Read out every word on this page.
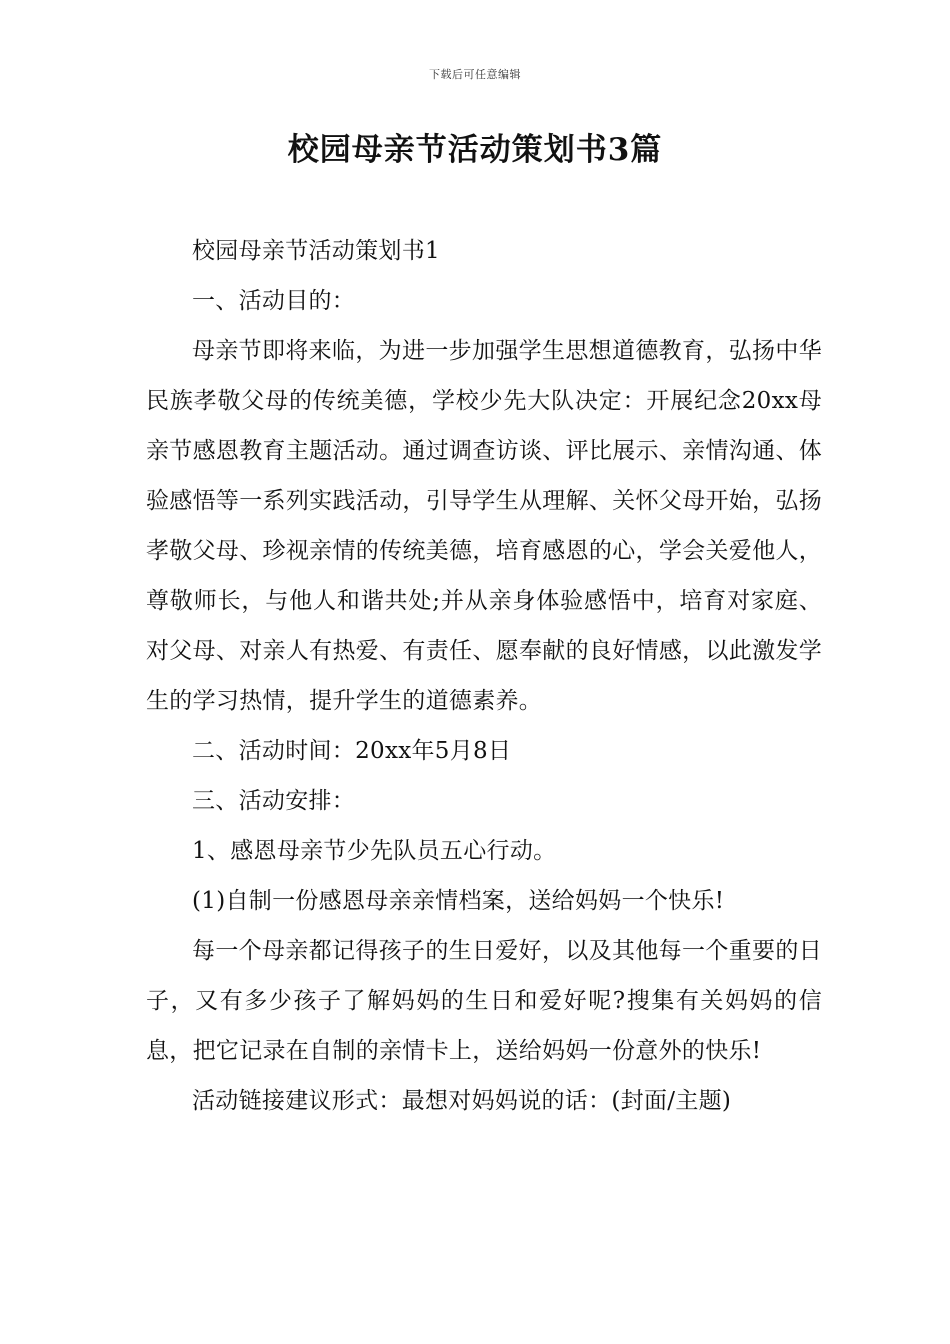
下载后可任意编辑
校园母亲节活动策划书3篇

校园母亲节活动策划书1

一、活动目的：

母亲节即将来临，为进一步加强学生思想道德教育，弘扬中华民族孝敬父母的传统美德，学校少先大队决定：开展纪念20xx母亲节感恩教育主题活动。通过调查访谈、评比展示、亲情沟通、体验感悟等一系列实践活动，引导学生从理解、关怀父母开始，弘扬孝敬父母、珍视亲情的传统美德，培育感恩的心，学会关爱他人，尊敬师长，与他人和谐共处;并从亲身体验感悟中，培育对家庭、对父母、对亲人有热爱、有责任、愿奉献的良好情感，以此激发学生的学习热情，提升学生的道德素养。

二、活动时间：20xx年5月8日

三、活动安排：

1、感恩母亲节少先队员五心行动。

(1)自制一份感恩母亲亲情档案，送给妈妈一个快乐!

每一个母亲都记得孩子的生日爱好，以及其他每一个重要的日子，又有多少孩子了解妈妈的生日和爱好呢?搜集有关妈妈的信息，把它记录在自制的亲情卡上，送给妈妈一份意外的快乐!

活动链接建议形式：最想对妈妈说的话：(封面/主题)
